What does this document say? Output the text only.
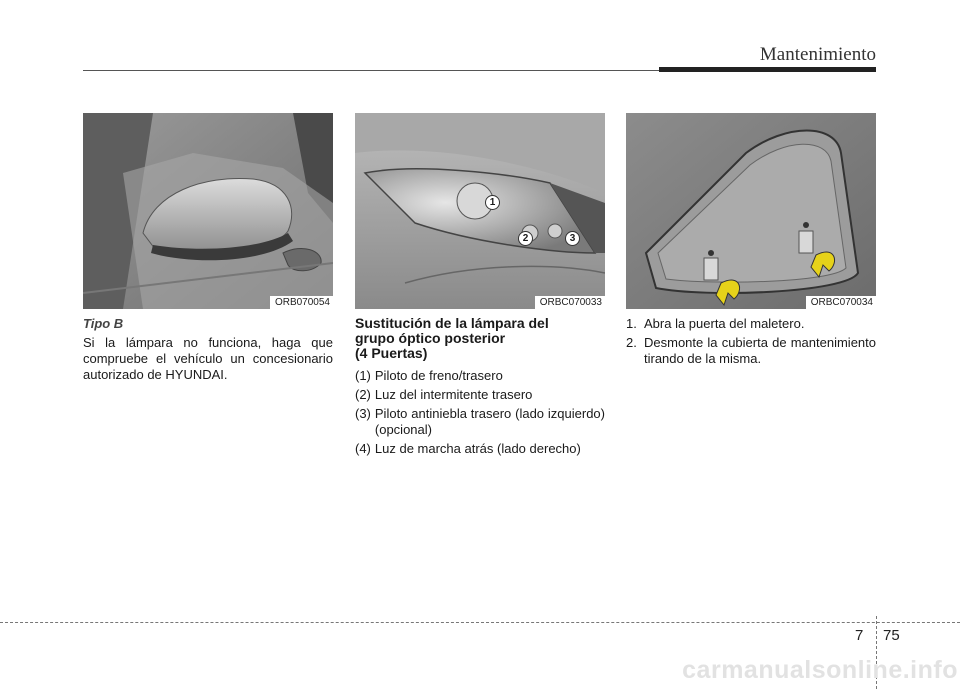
Mantenimiento
ORB070054
1
2	3
ORBC070033	ORBC070034
Tipo B
Si la lámpara no funciona, haga que compruebe el vehículo un concesionario autorizado de HYUNDAI.
Sustitución de la lámpara del
grupo óptico posterior
(4 Puertas)
(1) Piloto de freno/trasero
(2) Luz del intermitente trasero
(3) Piloto antiniebla trasero (lado izquierdo) (opcional)
(4) Luz de marcha atrás (lado derecho)
1. Abra la puerta del maletero.
2. Desmonte la cubierta de mantenimiento tirando de la misma.
7 75
carmanualsonline.info
